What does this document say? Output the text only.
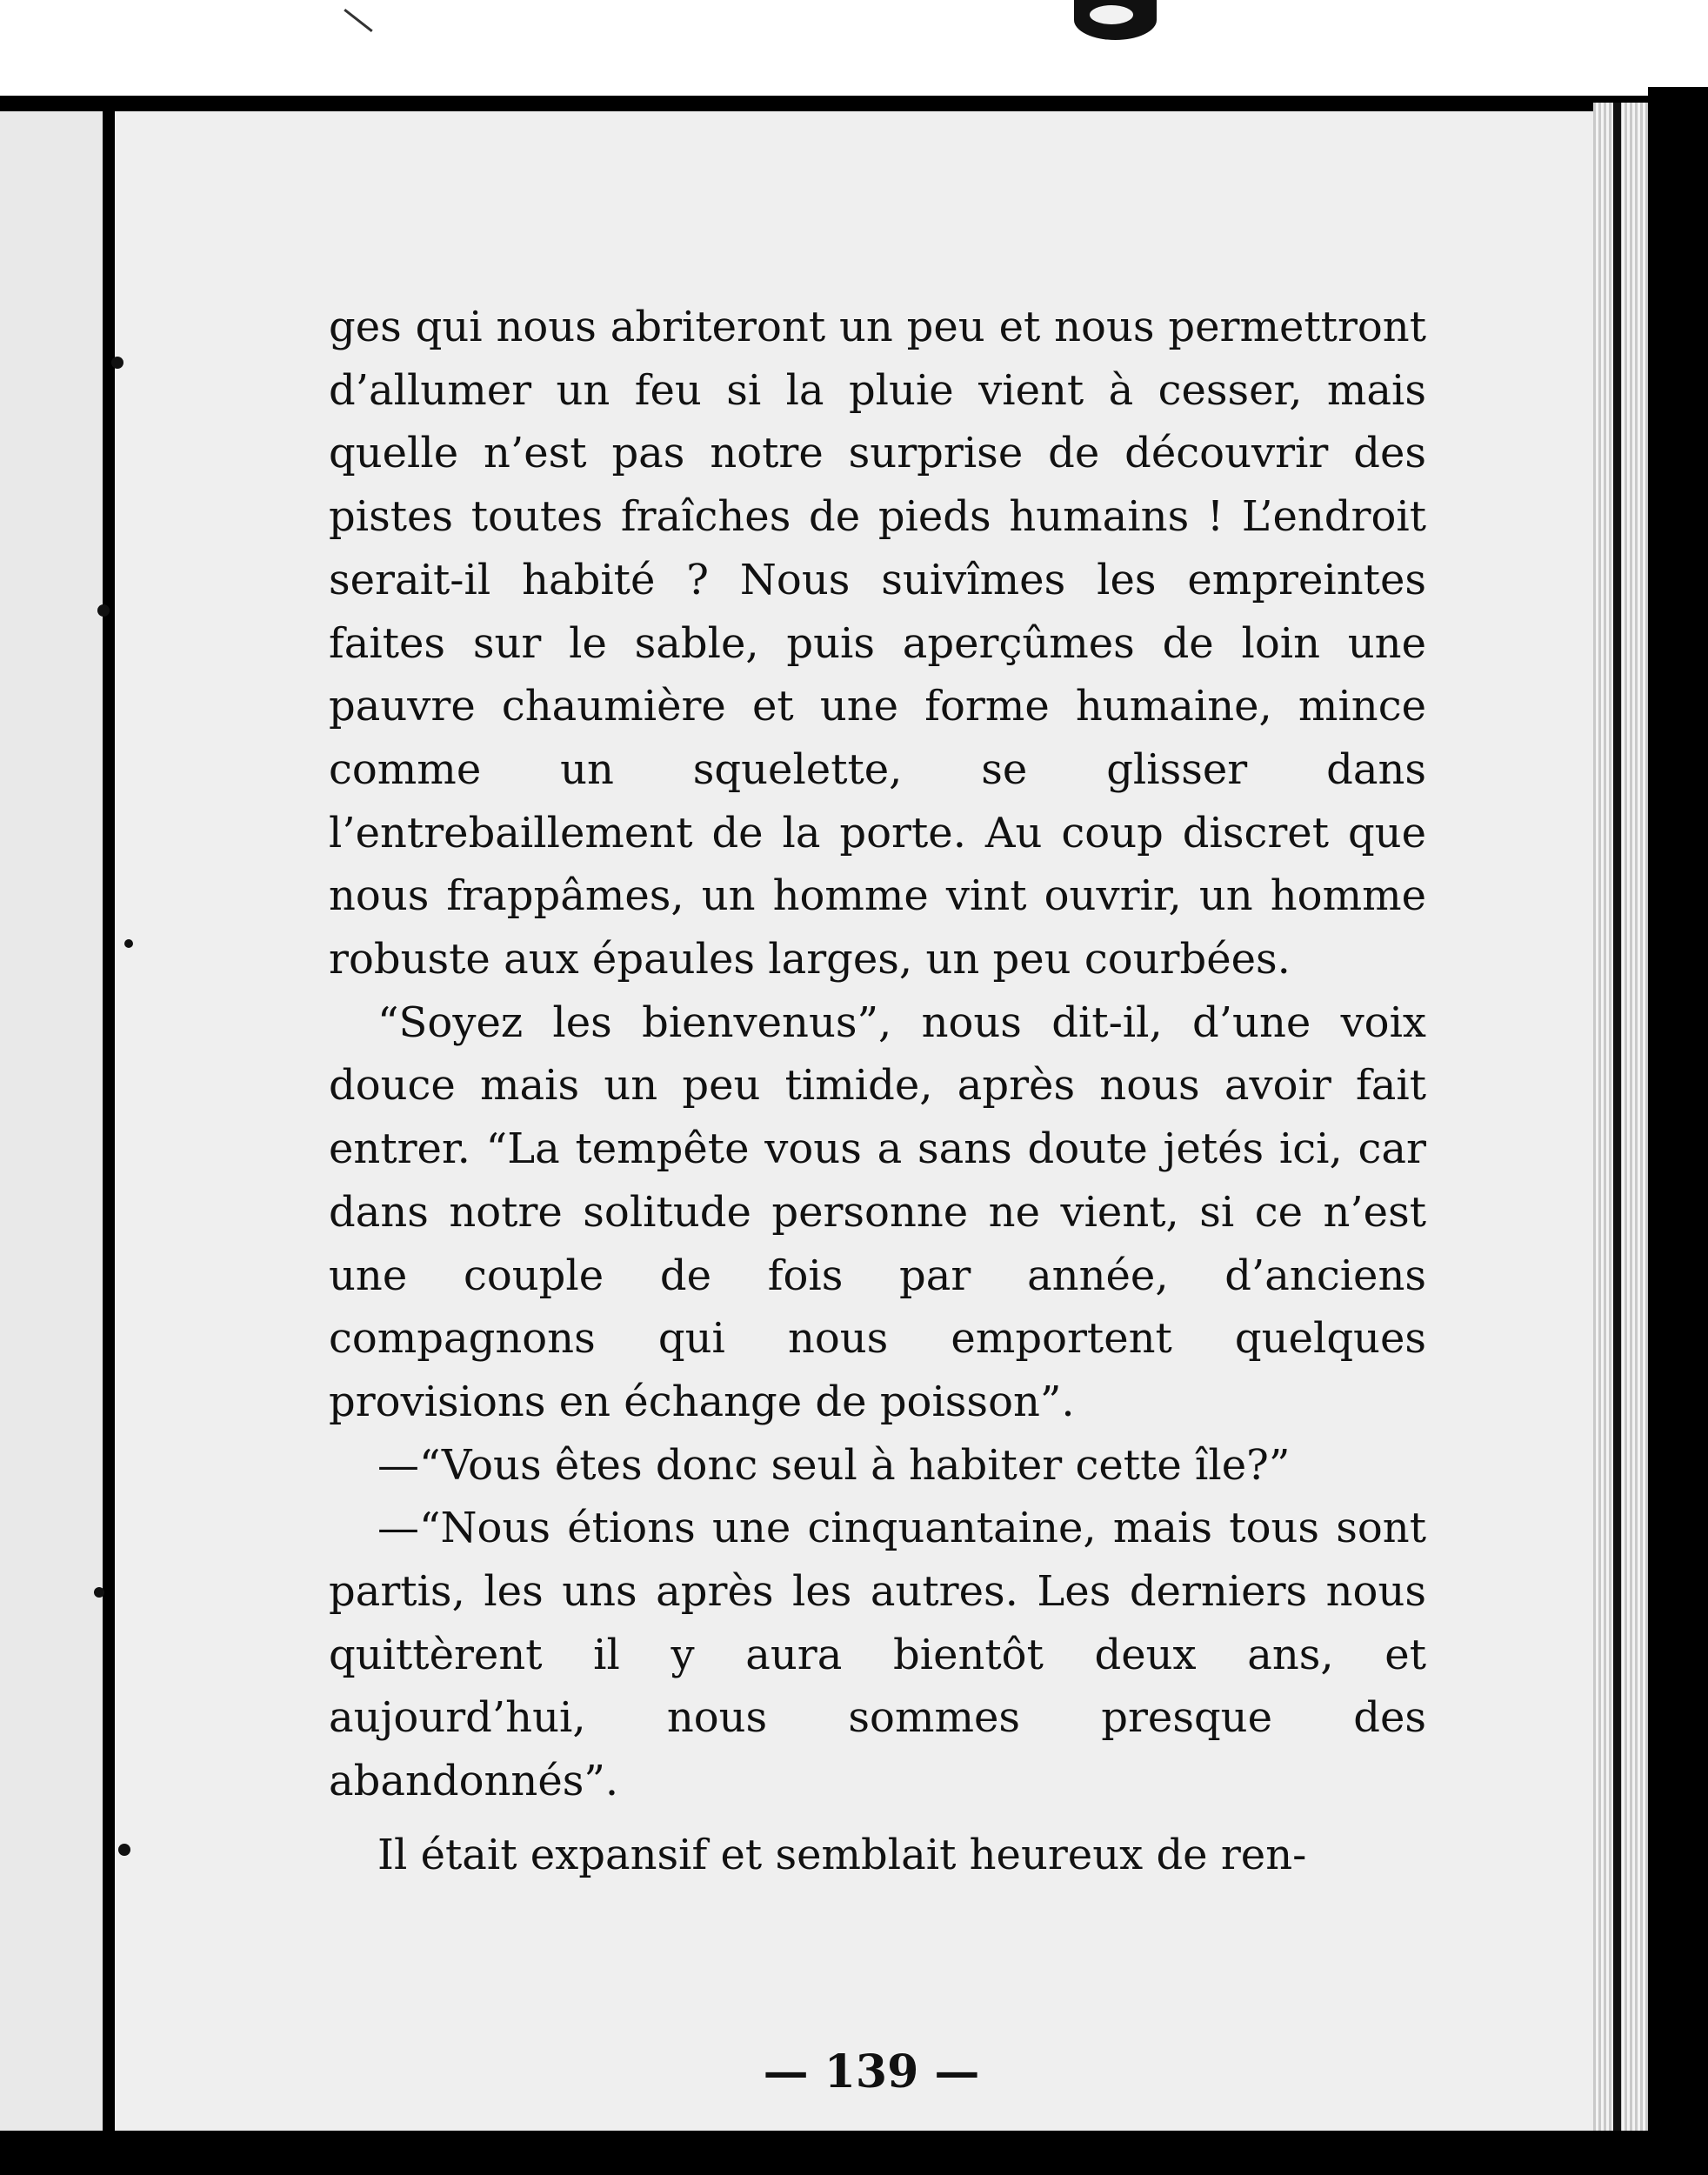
ges qui nous abriteront un peu et nous permettront d’allumer un feu si la pluie vient à cesser, mais quelle n’est pas notre surprise de découvrir des pistes toutes fraîches de pieds humains ! L’endroit serait-il habité ? Nous suivîmes les empreintes faites sur le sable, puis aperçûmes de loin une pauvre chaumière et une forme humaine, mince comme un squelette, se glisser dans l’entrebaillement de la porte. Au coup discret que nous frappâmes, un homme vint ouvrir, un homme robuste aux épaules larges, un peu courbées.

“Soyez les bienvenus”, nous dit-il, d’une voix douce mais un peu timide, après nous avoir fait entrer. “La tempête vous a sans doute jetés ici, car dans notre solitude personne ne vient, si ce n’est une couple de fois par année, d’anciens compagnons qui nous emportent quelques provisions en échange de poisson”.

—“Vous êtes donc seul à habiter cette île?”

—“Nous étions une cinquantaine, mais tous sont partis, les uns après les autres. Les derniers nous quittèrent il y aura bientôt deux ans, et aujourd’hui, nous sommes presque des abandonnés”.

Il était expansif et semblait heureux de ren-

— 139 —
